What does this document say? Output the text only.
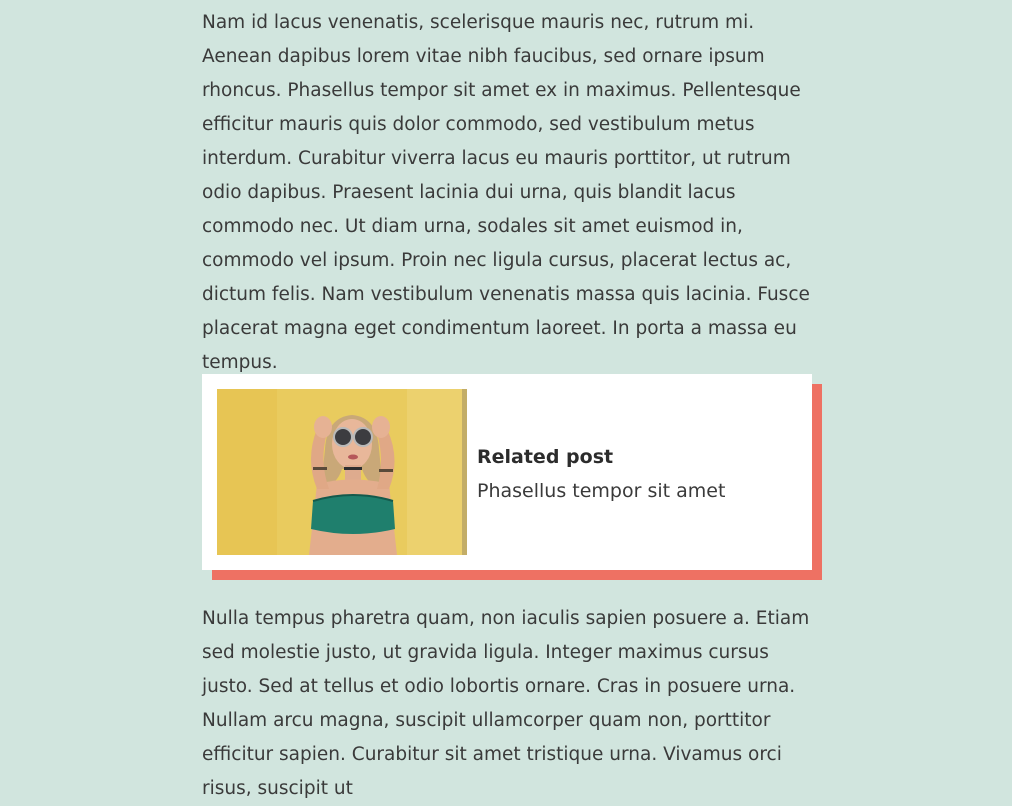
Nam id lacus venenatis, scelerisque mauris nec, rutrum mi. Aenean dapibus lorem vitae nibh faucibus, sed ornare ipsum rhoncus. Phasellus tempor sit amet ex in maximus. Pellentesque efficitur mauris quis dolor commodo, sed vestibulum metus interdum. Curabitur viverra lacus eu mauris porttitor, ut rutrum odio dapibus. Praesent lacinia dui urna, quis blandit lacus commodo nec. Ut diam urna, sodales sit amet euismod in, commodo vel ipsum. Proin nec ligula cursus, placerat lectus ac, dictum felis. Nam vestibulum venenatis massa quis lacinia. Fusce placerat magna eget condimentum laoreet. In porta a massa eu tempus.

Related post
Phasellus tempor sit amet

Nulla tempus pharetra quam, non iaculis sapien posuere a. Etiam sed molestie justo, ut gravida ligula. Integer maximus cursus justo. Sed at tellus et odio lobortis ornare. Cras in posuere urna. Nullam arcu magna, suscipit ullamcorper quam non, porttitor efficitur sapien. Curabitur sit amet tristique urna. Vivamus orci risus, suscipit ut
